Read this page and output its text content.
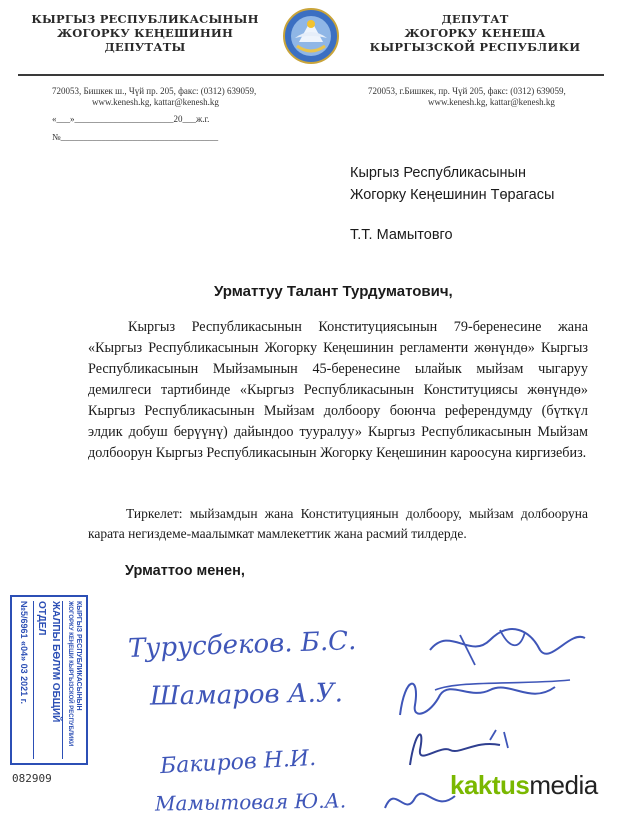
КЫРГЫЗ РЕСПУБЛИКАСЫНЫН
ЖОГОРКУ КЕҢЕШИНИН
ДЕПУТАТЫ
ДЕПУТАТ
ЖОГОРКУ КЕНЕША
КЫРГЫЗСКОЙ РЕСПУБЛИКИ
720053, Бишкек ш., Чүй пр. 205, факс: (0312) 639059,
www.kenesh.kg, kattar@kenesh.kg
720053, г.Бишкек, пр. Чүй 205, факс: (0312) 639059,
www.kenesh.kg, kattar@kenesh.kg
«___»______________________20___ж.г.
№___________________________________
Кыргыз Республикасынын
Жогорку Кеңешинин Төрагасы
Т.Т. Мамытовго
Урматтуу Талант Турдуматович,
Кыргыз Республикасынын Конституциясынын 79-беренесине жана «Кыргыз Республикасынын Жогорку Кеңешинин регламенти жөнүндө» Кыргыз Республикасынын Мыйзамынын 45-беренесине ылайык мыйзам чыгаруу демилгеси тартибинде «Кыргыз Республикасынын Конституциясы жөнүндө» Кыргыз Республикасынын Мыйзам долбоору боюнча референдумду (бүткүл элдик добуш берүүнү) дайындоо тууралуу» Кыргыз Республикасынын Мыйзам долбоорун Кыргыз Республикасынын Жогорку Кеңешинин кароосуна киргизебиз.
Тиркелет: мыйзамдын жана Конституциянын долбоору, мыйзам долбооруна карата негиздеме-маалымкат мамлекеттик жана расмий тилдерде.
Урматтоо менен,
КЫРГЫЗ РЕСПУБЛИКАСЫНЫН
ЖОГОРКУ КЕҢЕШИ КЫРГЫЗСКОЙ РЕСПУБЛИКИ
ЖАЛПЫ БӨЛҮМ ОБЩИЙ ОТДЕЛ
№5/6961 «04» 03 2021 г.
082909
Турусбеков. Б.С.
Шамаров А.У.
Бакиров Н.И.
Мамытовая Ю.А.
kaktusmedia
